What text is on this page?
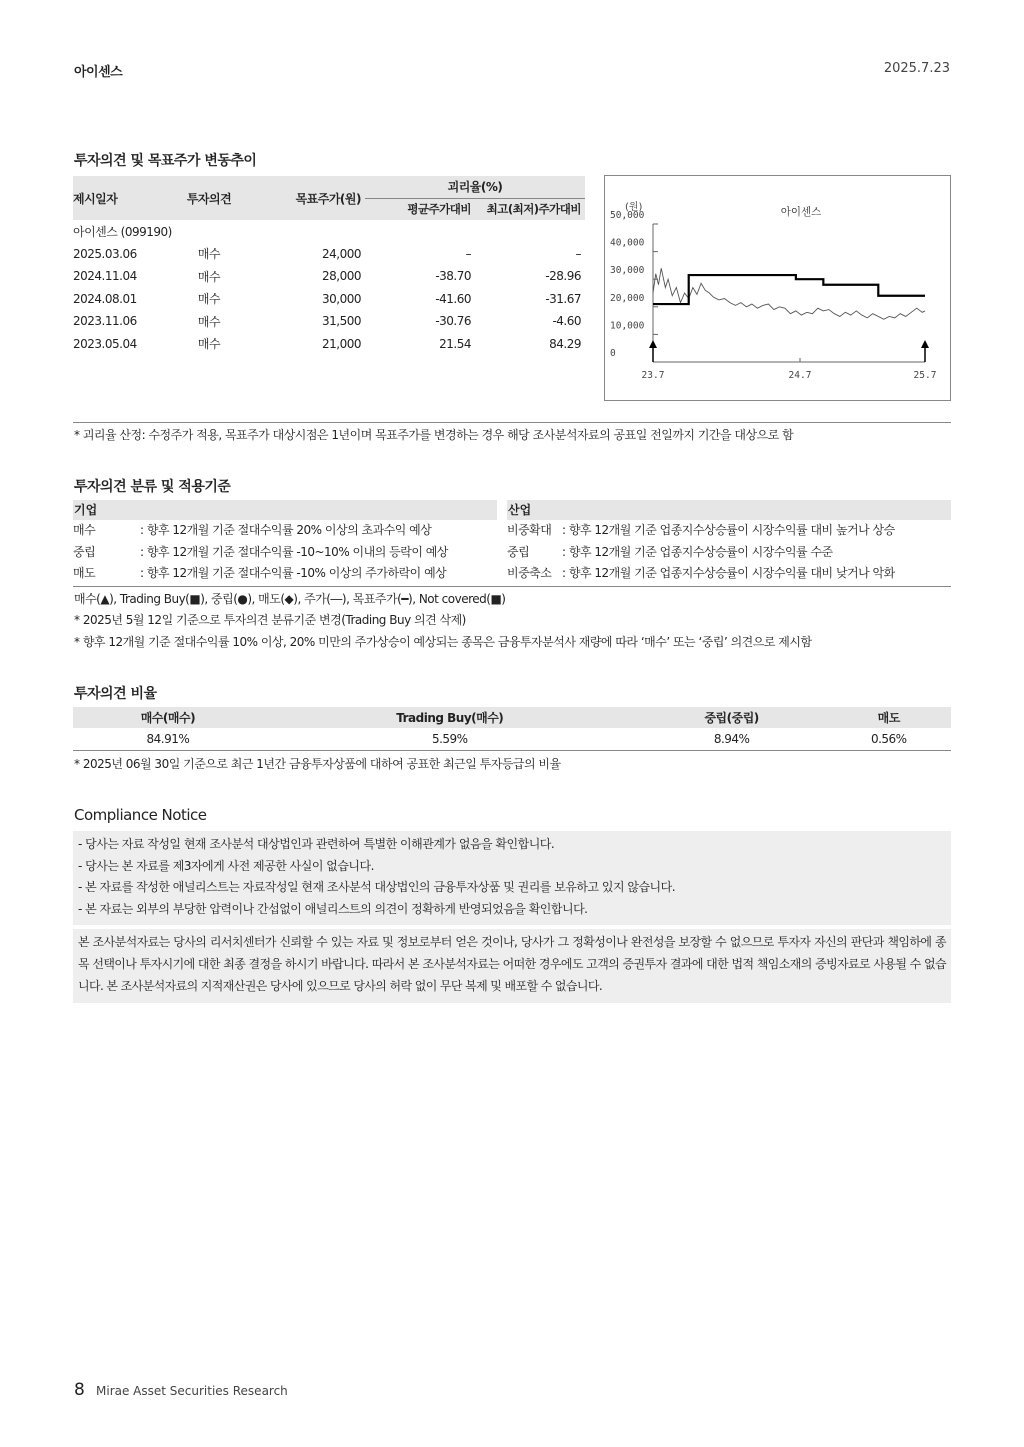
아이센스	2025.7.23
투자의견 및 목표주가 변동추이
제시일자	투자의견	목표주가(원)	괴리율(%)	
			평균주가대비	최고(최저)주가대비
아이센스 (099190)				
2025.03.06	매수	24,000	–	–
2024.11.04	매수	28,000	-38.70	-28.96
2024.08.01	매수	30,000	-41.60	-31.67
2023.11.06	매수	31,500	-30.76	-4.60
2023.05.04	매수	21,000	21.54	84.29
50,000
40,000
30,000
20,000
10,000
0
(원)	아이센스
23.7	24.7	25.7
* 괴리율 산정: 수정주가 적용, 목표주가 대상시점은 1년이며 목표주가를 변경하는 경우 해당 조사분석자료의 공표일 전일까지 기간을 대상으로 함
투자의견 분류 및 적용기준
기업
매수	: 향후 12개월 기준 절대수익률 20% 이상의 초과수익 예상
중립	: 향후 12개월 기준 절대수익률 -10~10% 이내의 등락이 예상
매도	: 향후 12개월 기준 절대수익률 -10% 이상의 주가하락이 예상
산업
비중확대 : 향후 12개월 기준 업종지수상승률이 시장수익률 대비 높거나 상승
중립	: 향후 12개월 기준 업종지수상승률이 시장수익률 수준
비중축소 : 향후 12개월 기준 업종지수상승률이 시장수익률 대비 낮거나 악화
매수(▲), Trading Buy(■), 중립(●), 매도(◆), 주가(―), 목표주가(━), Not covered(■)
* 2025년 5월 12일 기준으로 투자의견 분류기준 변경(Trading Buy 의견 삭제)
* 향후 12개월 기준 절대수익률 10% 이상, 20% 미만의 주가상승이 예상되는 종목은 금융투자분석사 재량에 따라 ‘매수’ 또는 ‘중립’ 의견으로 제시함
투자의견 비율
매수(매수)	Trading Buy(매수)	중립(중립)	매도
84.91%	5.59%	8.94%	0.56%
* 2025년 06월 30일 기준으로 최근 1년간 금융투자상품에 대하여 공표한 최근일 투자등급의 비율
Compliance Notice
- 당사는 자료 작성일 현재 조사분석 대상법인과 관련하여 특별한 이해관계가 없음을 확인합니다.
- 당사는 본 자료를 제3자에게 사전 제공한 사실이 없습니다.
- 본 자료를 작성한 애널리스트는 자료작성일 현재 조사분석 대상법인의 금융투자상품 및 권리를 보유하고 있지 않습니다.
- 본 자료는 외부의 부당한 압력이나 간섭없이 애널리스트의 의견이 정확하게 반영되었음을 확인합니다.
본 조사분석자료는 당사의 리서치센터가 신뢰할 수 있는 자료 및 정보로부터 얻은 것이나, 당사가 그 정확성이나 완전성을 보장할 수 없으므로 투자자 자신의 판단과 책임하에 종목 선택이나 투자시기에 대한 최종 결정을 하시기 바랍니다. 따라서 본 조사분석자료는 어떠한 경우에도 고객의 증권투자 결과에 대한 법적 책임소재의 증빙자료로 사용될 수 없습니다. 본 조사분석자료의 지적재산권은 당사에 있으므로 당사의 허락 없이 무단 복제 및 배포할 수 없습니다.
8 Mirae Asset Securities Research
